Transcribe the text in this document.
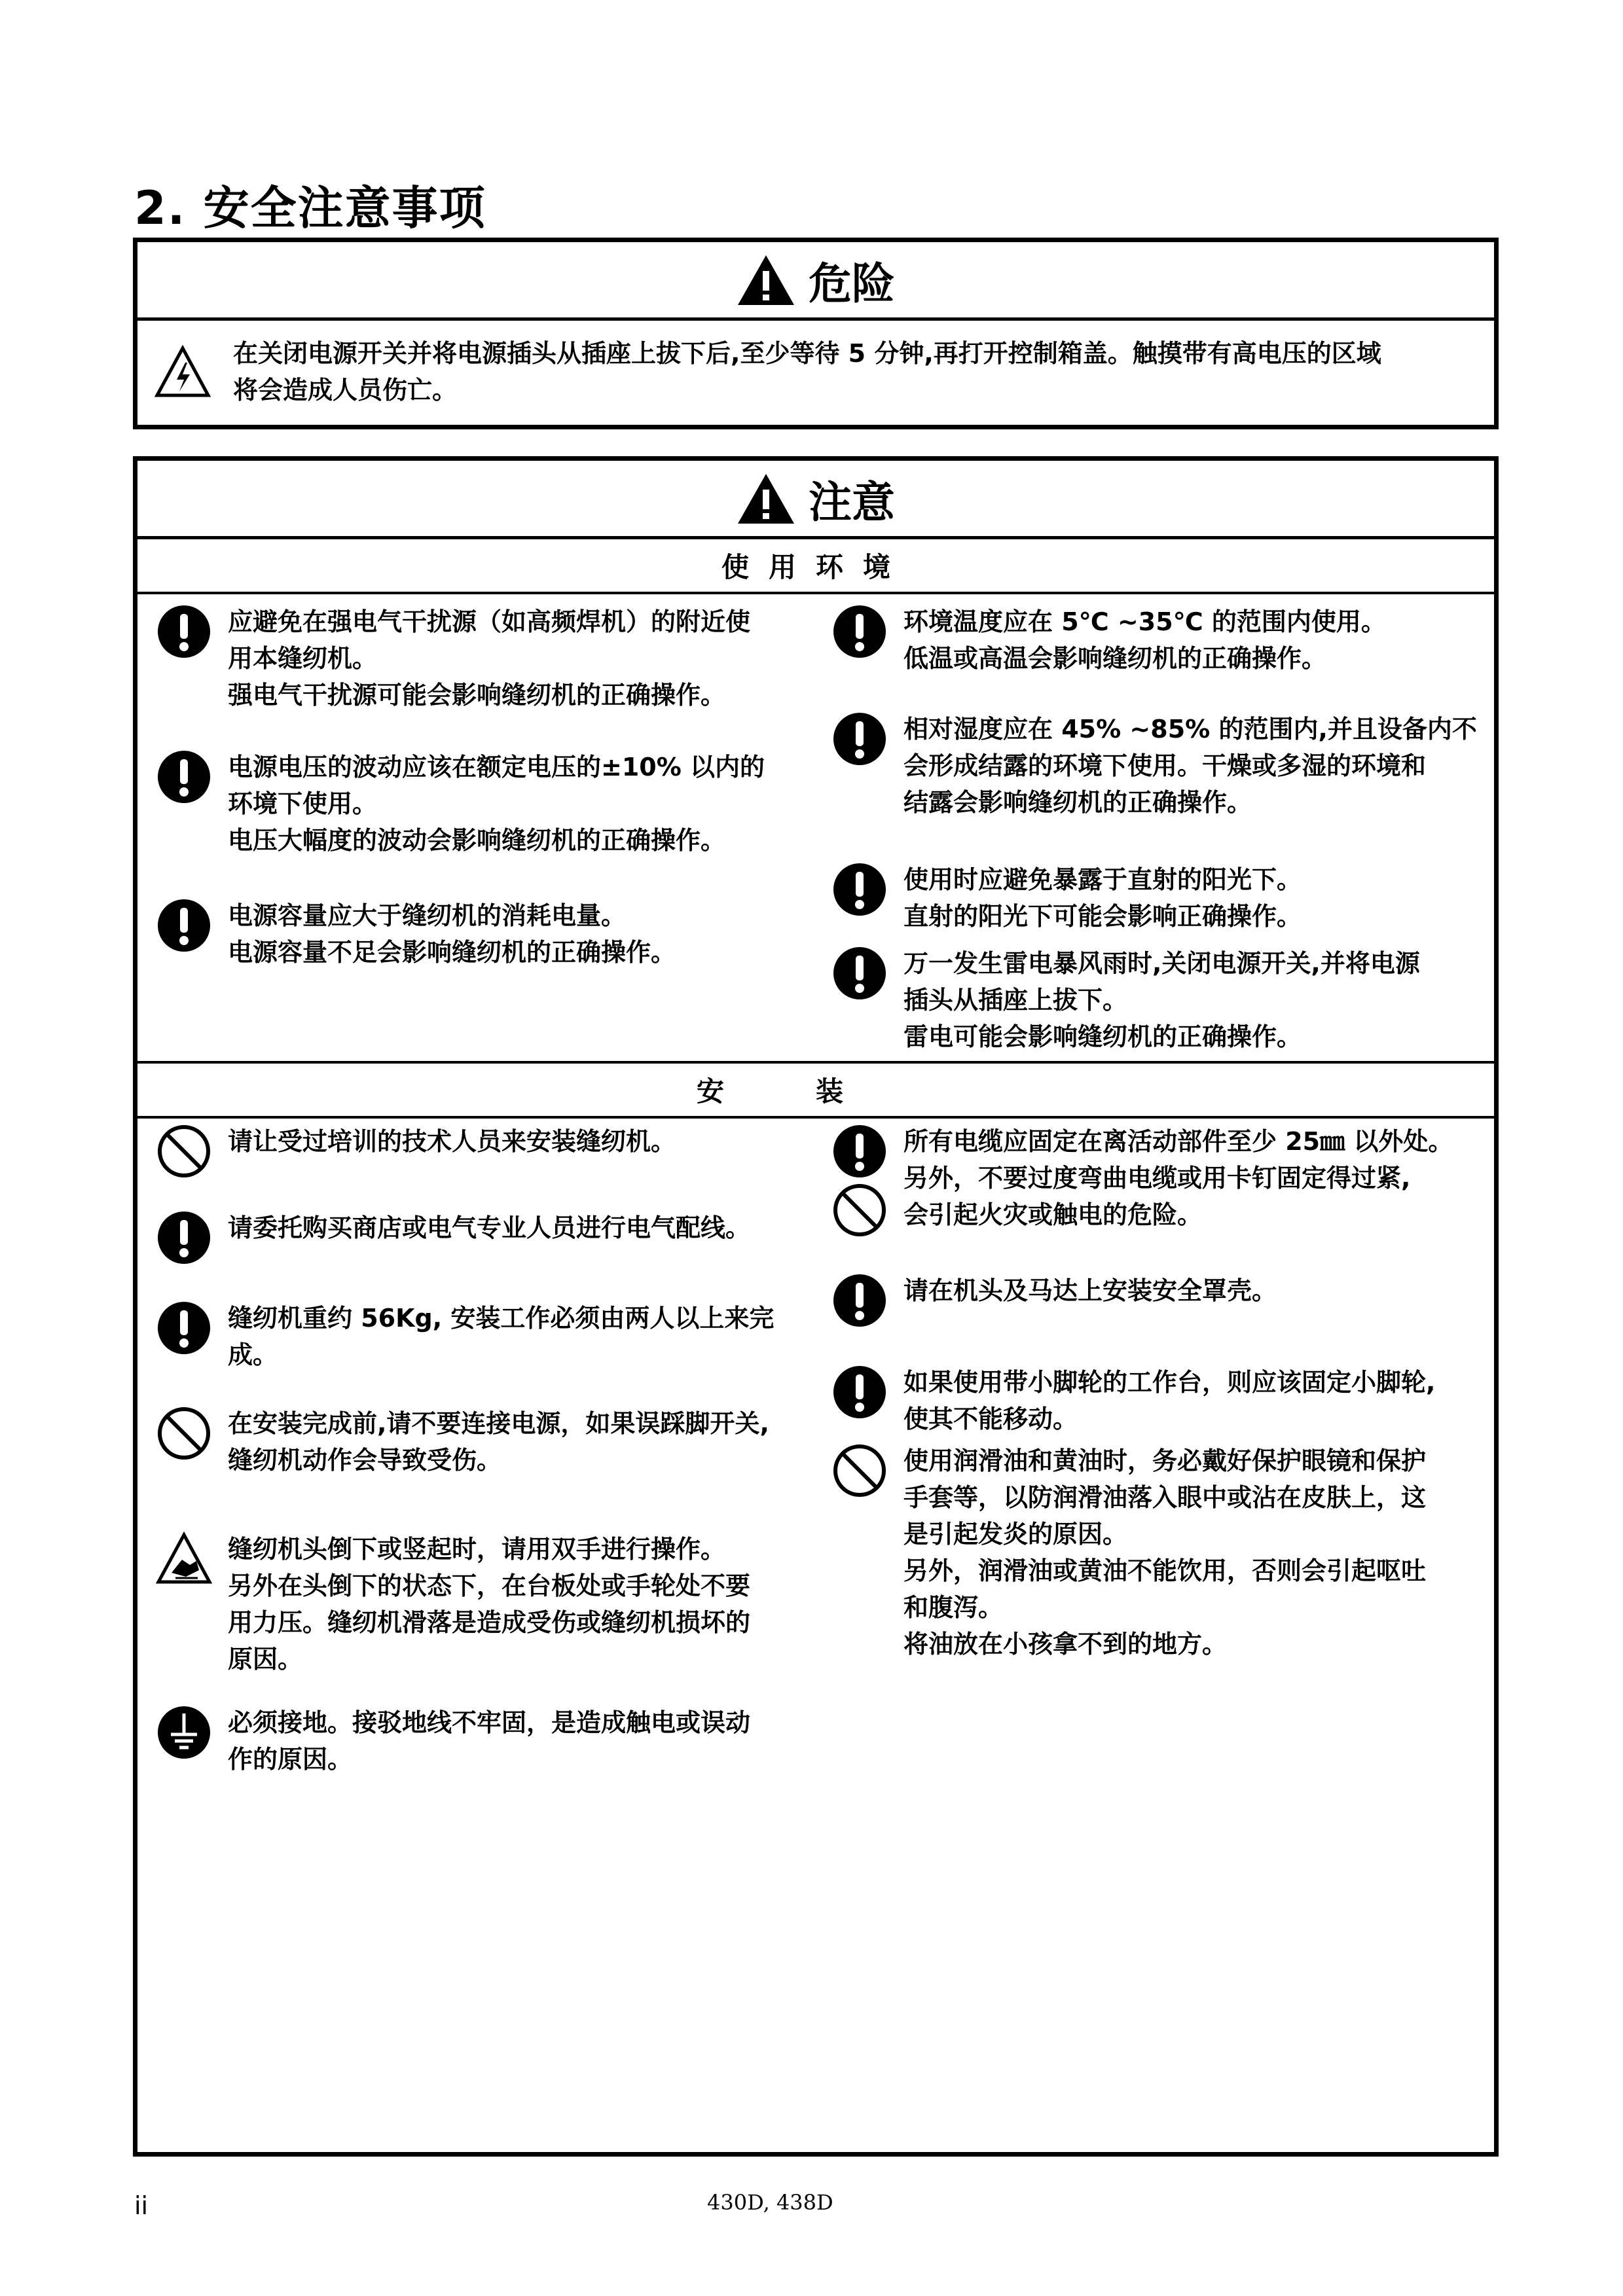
2. 安全注意事项
危险
在关闭电源开关并将电源插头从插座上拔下后,至少等待 5 分钟,再打开控制箱盖。触摸带有高电压的区域
将会造成人员伤亡。
注意
使用环境
应避免在强电气干扰源（如高频焊机）的附近使
用本缝纫机。
强电气干扰源可能会影响缝纫机的正确操作。
电源电压的波动应该在额定电压的±10% 以内的
环境下使用。
电压大幅度的波动会影响缝纫机的正确操作。
电源容量应大于缝纫机的消耗电量。
电源容量不足会影响缝纫机的正确操作。
环境温度应在 5℃ ~35℃ 的范围内使用。
低温或高温会影响缝纫机的正确操作。
相对湿度应在 45% ~85% 的范围内,并且设备内不
会形成结露的环境下使用。干燥或多湿的环境和
结露会影响缝纫机的正确操作。
使用时应避免暴露于直射的阳光下。
直射的阳光下可能会影响正确操作。
万一发生雷电暴风雨时,关闭电源开关,并将电源
插头从插座上拔下。
雷电可能会影响缝纫机的正确操作。
安装
请让受过培训的技术人员来安装缝纫机。
请委托购买商店或电气专业人员进行电气配线。
缝纫机重约 56Kg, 安装工作必须由两人以上来完
成。
在安装完成前,请不要连接电源，如果误踩脚开关,
缝纫机动作会导致受伤。
缝纫机头倒下或竖起时，请用双手进行操作。
另外在头倒下的状态下，在台板处或手轮处不要
用力压。缝纫机滑落是造成受伤或缝纫机损坏的
原因。
必须接地。接驳地线不牢固，是造成触电或误动
作的原因。
所有电缆应固定在离活动部件至少 25㎜ 以外处。
另外，不要过度弯曲电缆或用卡钉固定得过紧,
会引起火灾或触电的危险。
请在机头及马达上安装安全罩壳。
如果使用带小脚轮的工作台，则应该固定小脚轮,
使其不能移动。
使用润滑油和黄油时，务必戴好保护眼镜和保护
手套等，以防润滑油落入眼中或沾在皮肤上，这
是引起发炎的原因。
另外，润滑油或黄油不能饮用，否则会引起呕吐
和腹泻。
将油放在小孩拿不到的地方。
ii	430D, 438D
